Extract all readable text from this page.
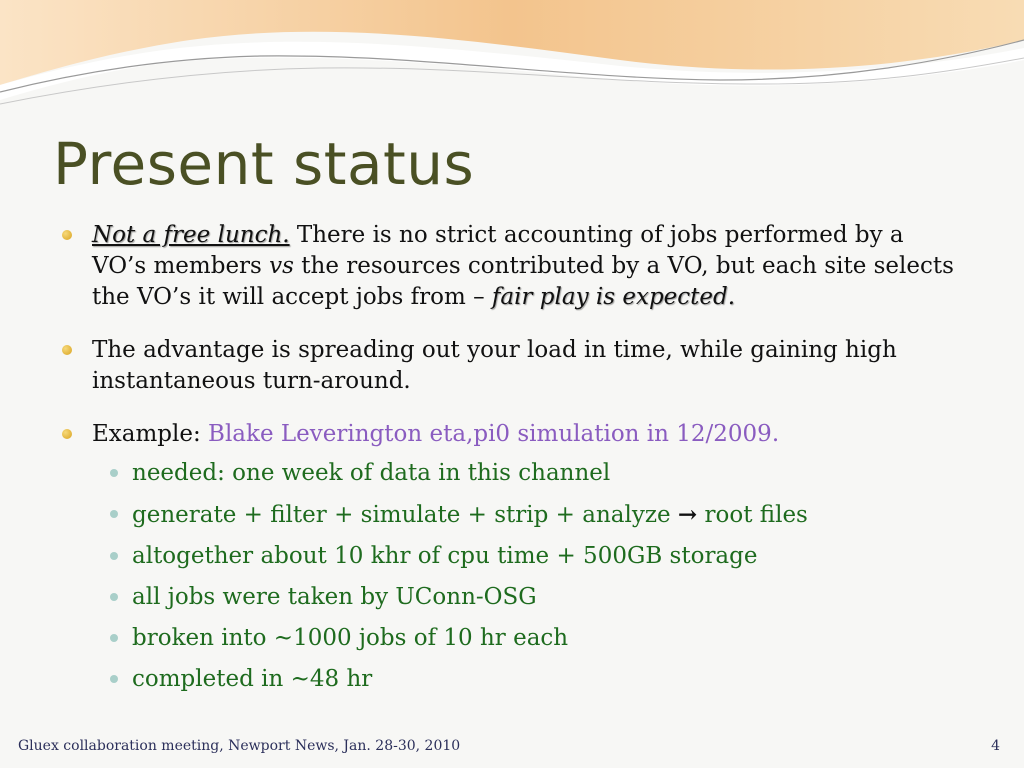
Present status
Not a free lunch. There is no strict accounting of jobs performed by a VO’s members vs the resources contributed by a VO, but each site selects the VO’s it will accept jobs from – fair play is expected.
The advantage is spreading out your load in time, while gaining high instantaneous turn-around.
Example: Blake Leverington eta,pi0 simulation in 12/2009.
needed: one week of data in this channel
generate + filter + simulate + strip + analyze → root files
altogether about 10 khr of cpu time + 500GB storage
all jobs were taken by UConn-OSG
broken into ~1000 jobs of 10 hr each
completed in ~48 hr
Gluex collaboration meeting, Newport News, Jan. 28-30, 2010	4
